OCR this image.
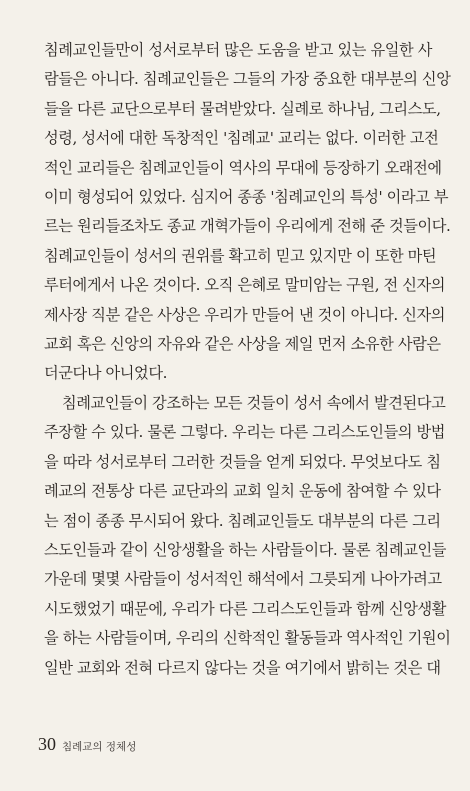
침례교인들만이 성서로부터 많은 도움을 받고 있는 유일한 사
람들은 아니다. 침례교인들은 그들의 가장 중요한 대부분의 신앙
들을 다른 교단으로부터 물려받았다. 실례로 하나님, 그리스도,
성령, 성서에 대한 독창적인 '침례교' 교리는 없다. 이러한 고전
적인 교리들은 침례교인들이 역사의 무대에 등장하기 오래전에
이미 형성되어 있었다. 심지어 종종 '침례교인의 특성' 이라고 부
르는 원리들조차도 종교 개혁가들이 우리에게 전해 준 것들이다.
침례교인들이 성서의 권위를 확고히 믿고 있지만 이 또한 마틴
루터에게서 나온 것이다. 오직 은혜로 말미암는 구원, 전 신자의
제사장 직분 같은 사상은 우리가 만들어 낸 것이 아니다. 신자의
교회 혹은 신앙의 자유와 같은 사상을 제일 먼저 소유한 사람은
더군다나 아니었다.
침례교인들이 강조하는 모든 것들이 성서 속에서 발견된다고
주장할 수 있다. 물론 그렇다. 우리는 다른 그리스도인들의 방법
을 따라 성서로부터 그러한 것들을 얻게 되었다. 무엇보다도 침
례교의 전통상 다른 교단과의 교회 일치 운동에 참여할 수 있다
는 점이 종종 무시되어 왔다. 침례교인들도 대부분의 다른 그리
스도인들과 같이 신앙생활을 하는 사람들이다. 물론 침례교인들
가운데 몇몇 사람들이 성서적인 해석에서 그릇되게 나아가려고
시도했었기 때문에, 우리가 다른 그리스도인들과 함께 신앙생활
을 하는 사람들이며, 우리의 신학적인 활동들과 역사적인 기원이
일반 교회와 전혀 다르지 않다는 것을 여기에서 밝히는 것은 대
30 침례교의 정체성
